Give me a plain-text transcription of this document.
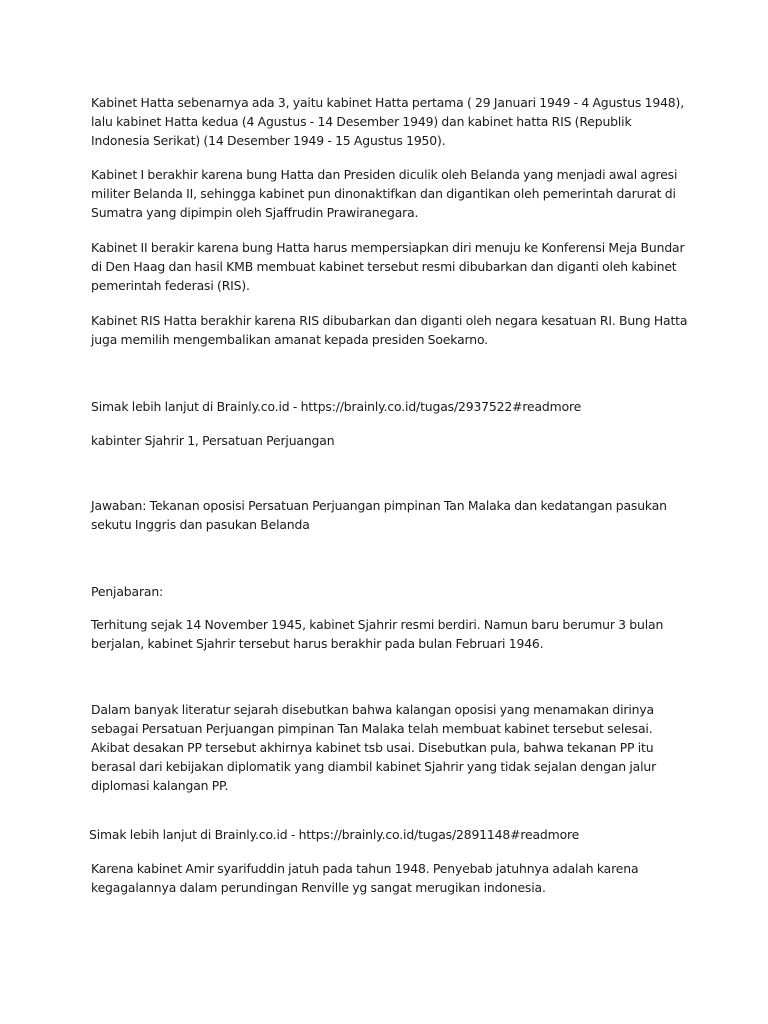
Kabinet Hatta sebenarnya ada 3, yaitu kabinet Hatta pertama ( 29 Januari 1949 - 4 Agustus 1948), lalu kabinet Hatta kedua (4 Agustus - 14 Desember 1949) dan kabinet hatta RIS (Republik Indonesia Serikat) (14 Desember 1949 - 15 Agustus 1950).

Kabinet I berakhir karena bung Hatta dan Presiden diculik oleh Belanda yang menjadi awal agresi militer Belanda II, sehingga kabinet pun dinonaktifkan dan digantikan oleh pemerintah darurat di Sumatra yang dipimpin oleh Sjaffrudin Prawiranegara.

Kabinet II berakir karena bung Hatta harus mempersiapkan diri menuju ke Konferensi Meja Bundar di Den Haag dan hasil KMB membuat kabinet tersebut resmi dibubarkan dan diganti oleh kabinet pemerintah federasi (RIS).

Kabinet RIS Hatta berakhir karena RIS dibubarkan dan diganti oleh negara kesatuan RI. Bung Hatta juga memilih mengembalikan amanat kepada presiden Soekarno.

Simak lebih lanjut di Brainly.co.id - https://brainly.co.id/tugas/2937522#readmore

kabinter Sjahrir 1, Persatuan Perjuangan

Jawaban: Tekanan oposisi Persatuan Perjuangan pimpinan Tan Malaka dan kedatangan pasukan sekutu Inggris dan pasukan Belanda

Penjabaran:

Terhitung sejak 14 November 1945, kabinet Sjahrir resmi berdiri. Namun baru berumur 3 bulan berjalan, kabinet Sjahrir tersebut harus berakhir pada bulan Februari 1946.

Dalam banyak literatur sejarah disebutkan bahwa kalangan oposisi yang menamakan dirinya sebagai Persatuan Perjuangan pimpinan Tan Malaka telah membuat kabinet tersebut selesai. Akibat desakan PP tersebut akhirnya kabinet tsb usai. Disebutkan pula, bahwa tekanan PP itu berasal dari kebijakan diplomatik yang diambil kabinet Sjahrir yang tidak sejalan dengan jalur diplomasi kalangan PP.

Simak lebih lanjut di Brainly.co.id - https://brainly.co.id/tugas/2891148#readmore

Karena kabinet Amir syarifuddin jatuh pada tahun 1948. Penyebab jatuhnya adalah karena kegagalannya dalam perundingan Renville yg sangat merugikan indonesia.
